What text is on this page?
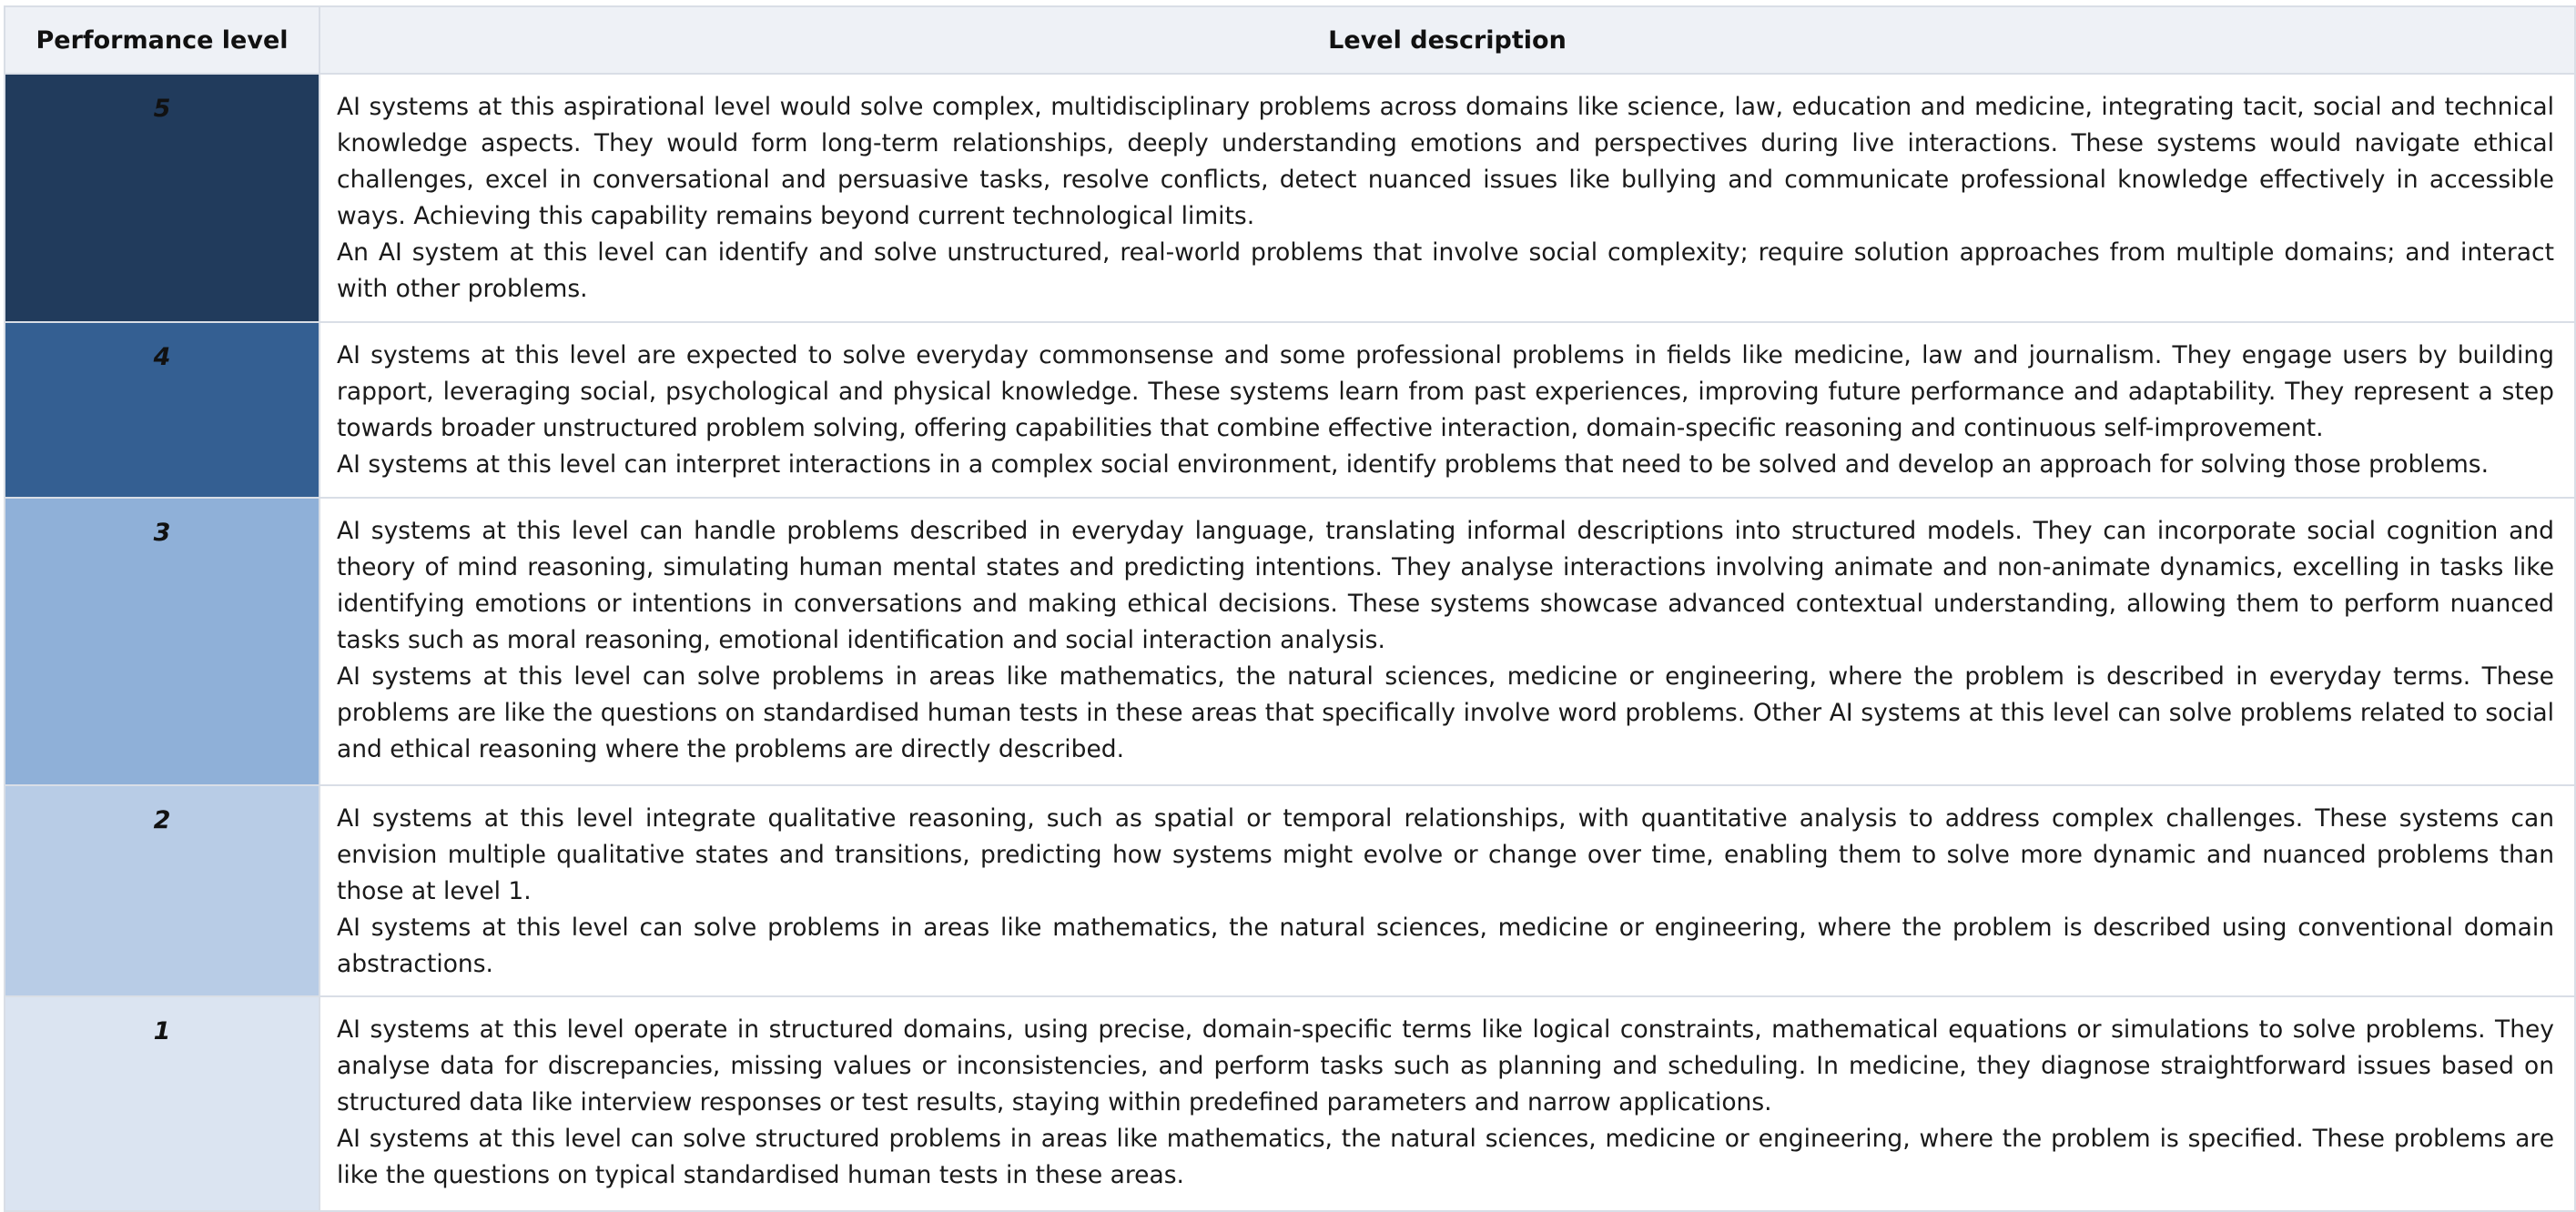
Performance level	Level description
5	AI systems at this aspirational level would solve complex, multidisciplinary problems across domains like science, law, education and medicine, integrating tacit, social and technical knowledge aspects. They would form long-term relationships, deeply understanding emotions and perspectives during live interactions. These systems would navigate ethical challenges, excel in conversational and persuasive tasks, resolve conflicts, detect nuanced issues like bullying and communicate professional knowledge effectively in accessible ways. Achieving this capability remains beyond current technological limits.

An AI system at this level can identify and solve unstructured, real-world problems that involve social complexity; require solution approaches from multiple domains; and interact with other problems.

4	AI systems at this level are expected to solve everyday commonsense and some professional problems in fields like medicine, law and journalism. They engage users by building rapport, leveraging social, psychological and physical knowledge. These systems learn from past experiences, improving future performance and adaptability. They represent a step towards broader unstructured problem solving, offering capabilities that combine effective interaction, domain-specific reasoning and continuous self-improvement.

AI systems at this level can interpret interactions in a complex social environment, identify problems that need to be solved and develop an approach for solving those problems.

3	AI systems at this level can handle problems described in everyday language, translating informal descriptions into structured models. They can incorporate social cognition and theory of mind reasoning, simulating human mental states and predicting intentions. They analyse interactions involving animate and non-animate dynamics, excelling in tasks like identifying emotions or intentions in conversations and making ethical decisions. These systems showcase advanced contextual understanding, allowing them to perform nuanced tasks such as moral reasoning, emotional identification and social interaction analysis.

AI systems at this level can solve problems in areas like mathematics, the natural sciences, medicine or engineering, where the problem is described in everyday terms. These problems are like the questions on standardised human tests in these areas that specifically involve word problems. Other AI systems at this level can solve problems related to social and ethical reasoning where the problems are directly described.

2	AI systems at this level integrate qualitative reasoning, such as spatial or temporal relationships, with quantitative analysis to address complex challenges. These systems can envision multiple qualitative states and transitions, predicting how systems might evolve or change over time, enabling them to solve more dynamic and nuanced problems than those at level 1.

AI systems at this level can solve problems in areas like mathematics, the natural sciences, medicine or engineering, where the problem is described using conventional domain abstractions.

1	AI systems at this level operate in structured domains, using precise, domain-specific terms like logical constraints, mathematical equations or simulations to solve problems. They analyse data for discrepancies, missing values or inconsistencies, and perform tasks such as planning and scheduling. In medicine, they diagnose straightforward issues based on structured data like interview responses or test results, staying within predefined parameters and narrow applications.

AI systems at this level can solve structured problems in areas like mathematics, the natural sciences, medicine or engineering, where the problem is specified. These problems are like the questions on typical standardised human tests in these areas.
